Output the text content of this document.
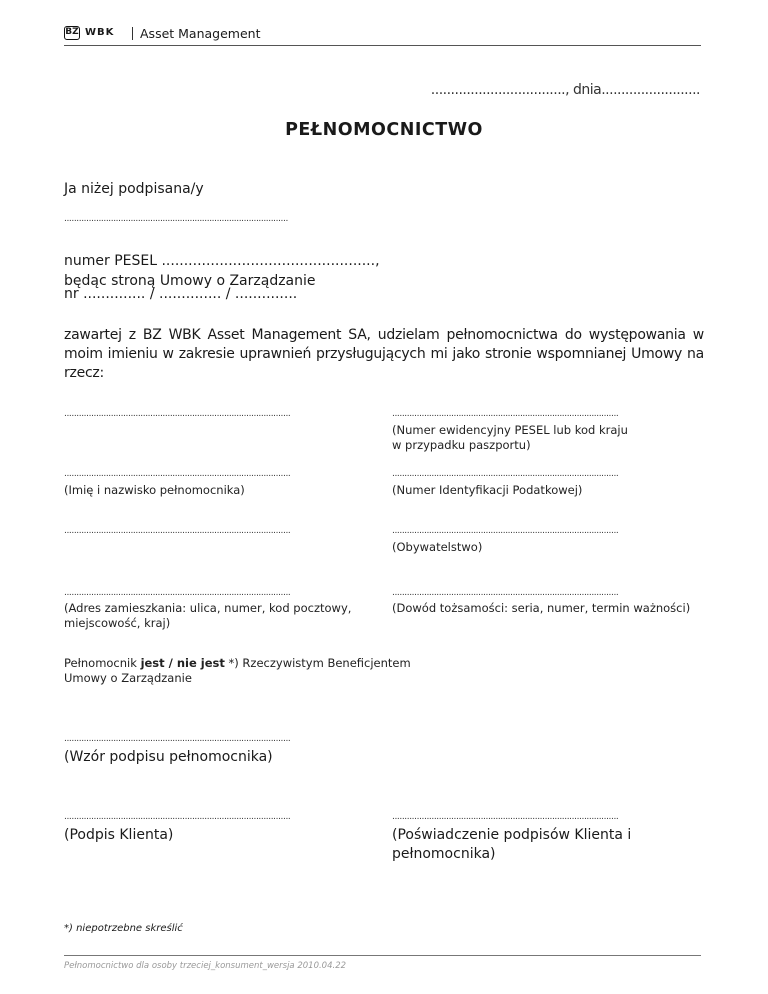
BZ WBK Asset Management
.................................., dnia.........................
PEŁNOMOCNICTWO
Ja niżej podpisana/y
...........................................................................................
numer PESEL ................................................,
będąc stroną Umowy o Zarządzanie
nr .............. / .............. / ..............
zawartej z BZ WBK Asset Management SA, udzielam pełnomocnictwa do występowania w moim imieniu w zakresie uprawnień przysługujących mi jako stronie wspomnianej Umowy na rzecz:
............................................................................................	............................................................................................
(Numer ewidencyjny PESEL lub kod kraju w przypadku paszportu)
............................................................................................
(Imię i nazwisko pełnomocnika)
............................................................................................
(Numer Identyfikacji Podatkowej)
............................................................................................	............................................................................................
(Obywatelstwo)
............................................................................................
(Adres zamieszkania: ulica, numer, kod pocztowy, miejscowość, kraj)
............................................................................................
(Dowód tożsamości: seria, numer, termin ważności)
Pełnomocnik jest / nie jest *) Rzeczywistym Beneficjentem
Umowy o Zarządzanie
............................................................................................
(Wzór podpisu pełnomocnika)
............................................................................................
(Podpis Klienta)
............................................................................................
(Poświadczenie podpisów Klienta i pełnomocnika)
*) niepotrzebne skreślić
Pełnomocnictwo dla osoby trzeciej_konsument_wersja 2010.04.22
